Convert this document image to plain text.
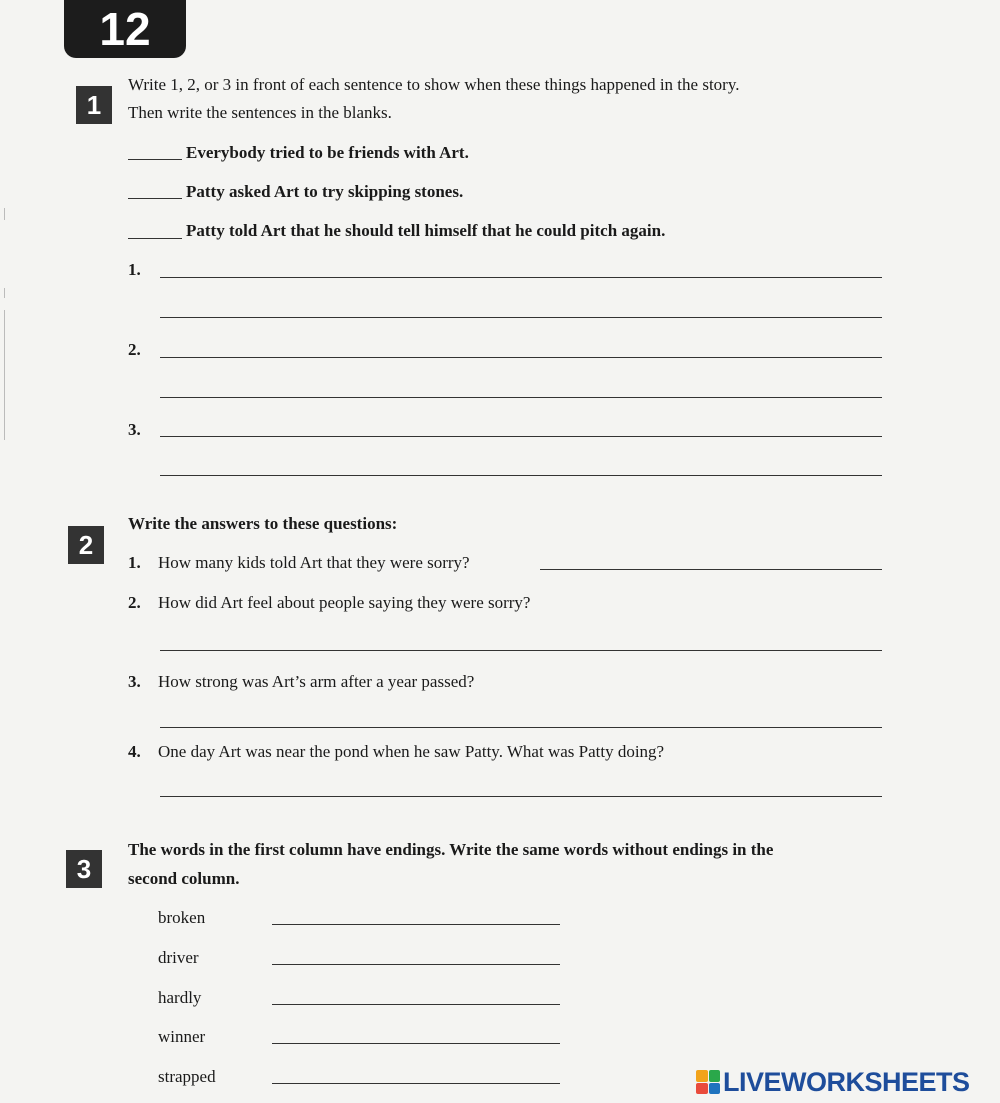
12
1
Write 1, 2, or 3 in front of each sentence to show when these things happened in the story.
Then write the sentences in the blanks.
Everybody tried to be friends with Art.
Patty asked Art to try skipping stones.
Patty told Art that he should tell himself that he could pitch again.
1.
2.
3.
2
Write the answers to these questions:
1. How many kids told Art that they were sorry?
2. How did Art feel about people saying they were sorry?
3. How strong was Art’s arm after a year passed?
4. One day Art was near the pond when he saw Patty. What was Patty doing?
3
The words in the first column have endings. Write the same words without endings in the
second column.
broken
driver
hardly
winner
strapped	LIVEWORKSHEETS
